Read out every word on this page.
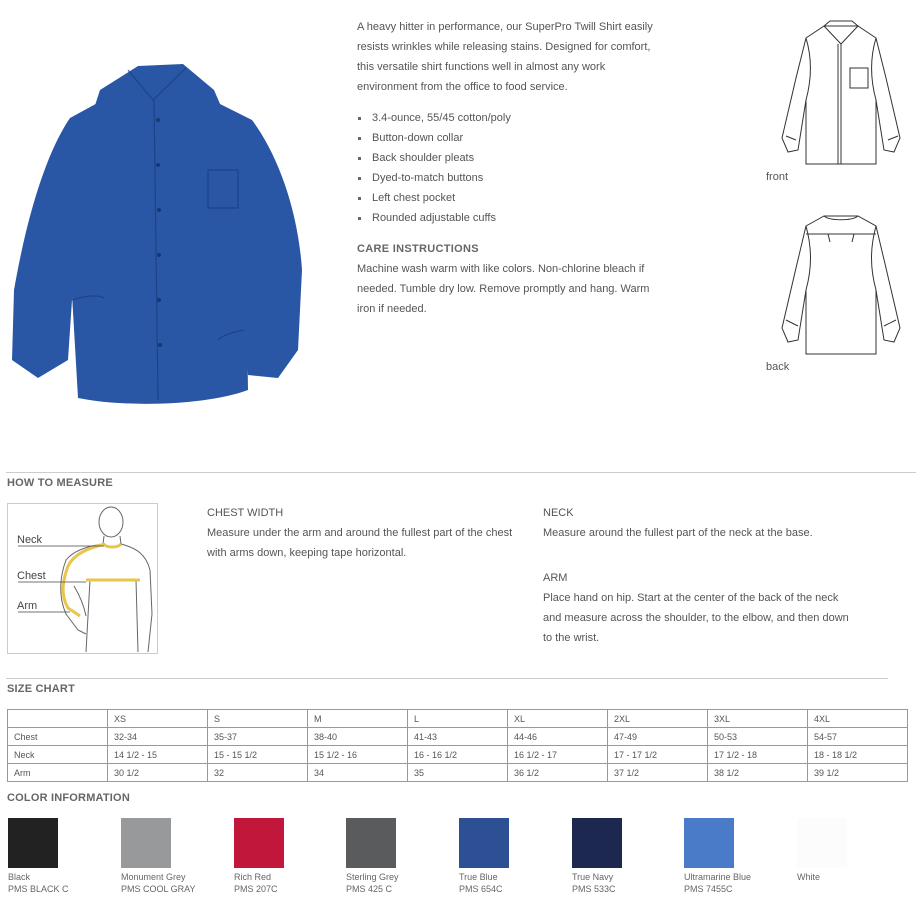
A heavy hitter in performance, our SuperPro Twill Shirt easily

resists wrinkles while releasing stains. Designed for comfort,

this versatile shirt functions well in almost any work

environment from the office to food service.

3.4-ounce, 55/45 cotton/poly
Button-down collar
Back shoulder pleats
Dyed-to-match buttons
Left chest pocket
Rounded adjustable cuffs
CARE INSTRUCTIONS
Machine wash warm with like colors. Non-chlorine bleach if
needed. Tumble dry low. Remove promptly and hang. Warm
iron if needed.
front
back
HOW TO MEASURE
Neck
Chest
Arm
CHEST WIDTH
Measure under the arm and around the fullest part of the chest
with arms down, keeping tape horizontal.
NECK
Measure around the fullest part of the neck at the base.
ARM
Place hand on hip. Start at the center of the back of the neck
and measure across the shoulder, to the elbow, and then down
to the wrist.
SIZE CHART
	XS	S	M	L	XL	2XL	3XL	4XL
Chest	32-34	35-37	38-40	41-43	44-46	47-49	50-53	54-57
Neck	14 1/2 - 15	15 - 15 1/2	15 1/2 - 16	16 - 16 1/2	16 1/2 - 17	17 - 17 1/2	17 1/2 - 18	18 - 18 1/2
Arm	30 1/2	32	34	35	36 1/2	37 1/2	38 1/2	39 1/2
COLOR INFORMATION
Black
PMS BLACK C
Monument Grey
PMS COOL GRAY
Rich Red
PMS 207C
Sterling Grey
PMS 425 C
True Blue
PMS 654C
True Navy
PMS 533C
Ultramarine Blue
PMS 7455C
White
